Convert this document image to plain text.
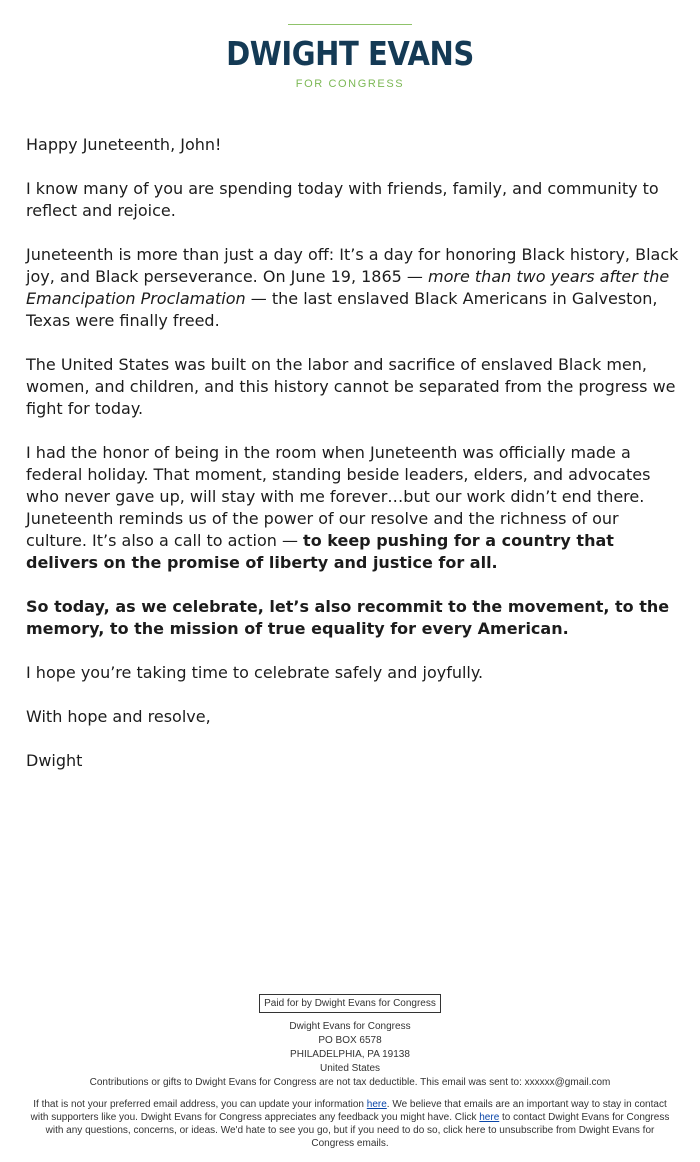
DWIGHT EVANS
FOR CONGRESS

Happy Juneteenth, John!

I know many of you are spending today with friends, family, and community to reflect and rejoice.

Juneteenth is more than just a day off: It’s a day for honoring Black history, Black joy, and Black perseverance. On June 19, 1865 — more than two years after the Emancipation Proclamation — the last enslaved Black Americans in Galveston, Texas were finally freed.

The United States was built on the labor and sacrifice of enslaved Black men, women, and children, and this history cannot be separated from the progress we fight for today.

I had the honor of being in the room when Juneteenth was officially made a federal holiday. That moment, standing beside leaders, elders, and advocates who never gave up, will stay with me forever…but our work didn’t end there. Juneteenth reminds us of the power of our resolve and the richness of our culture. It’s also a call to action — to keep pushing for a country that delivers on the promise of liberty and justice for all.

So today, as we celebrate, let’s also recommit to the movement, to the memory, to the mission of true equality for every American.

I hope you’re taking time to celebrate safely and joyfully.

With hope and resolve,

Dwight

Paid for by Dwight Evans for Congress
Dwight Evans for Congress
PO BOX 6578
PHILADELPHIA, PA 19138
United States
Contributions or gifts to Dwight Evans for Congress are not tax deductible. This email was sent to: xxxxxx@gmail.com
If that is not your preferred email address, you can update your information here. We believe that emails are an important way to stay in contact with supporters like you. Dwight Evans for Congress appreciates any feedback you might have. Click here to contact Dwight Evans for Congress with any questions, concerns, or ideas. We'd hate to see you go, but if you need to do so, click here to unsubscribe from Dwight Evans for Congress emails.
